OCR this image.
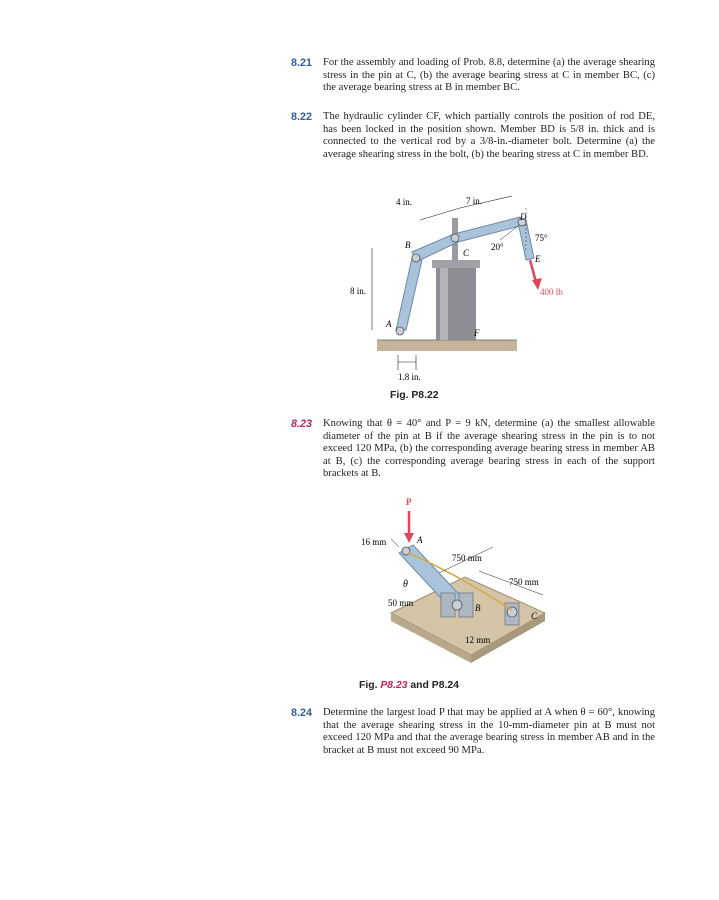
8.21 For the assembly and loading of Prob. 8.8, determine (a) the average shearing stress in the pin at C, (b) the average bearing stress at C in member BC, (c) the average bearing stress at B in member BC.
8.22 The hydraulic cylinder CF, which partially controls the position of rod DE, has been locked in the position shown. Member BD is 5/8 in. thick and is connected to the vertical rod by a 3/8-in.-diameter bolt. Determine (a) the average shearing stress in the bolt, (b) the bearing stress at C in member BD.
4 in.	7 in.
8 in.
1.8 in.
20°
75°
400 lb
A
B
C
D
E
F
Fig. P8.22
8.23 Knowing that θ = 40° and P = 9 kN, determine (a) the smallest allowable diameter of the pin at B if the average shearing stress in the pin is to not exceed 120 MPa, (b) the corresponding average bearing stress in member AB at B, (c) the corresponding average bearing stress in each of the support brackets at B.
P
A
16 mm
750 mm
750 mm
50 mm
12 mm
θ
B
C
Fig. P8.23 and P8.24
8.24 Determine the largest load P that may be applied at A when θ = 60°, knowing that the average shearing stress in the 10-mm-diameter pin at B must not exceed 120 MPa and that the average bearing stress in member AB and in the bracket at B must not exceed 90 MPa.
